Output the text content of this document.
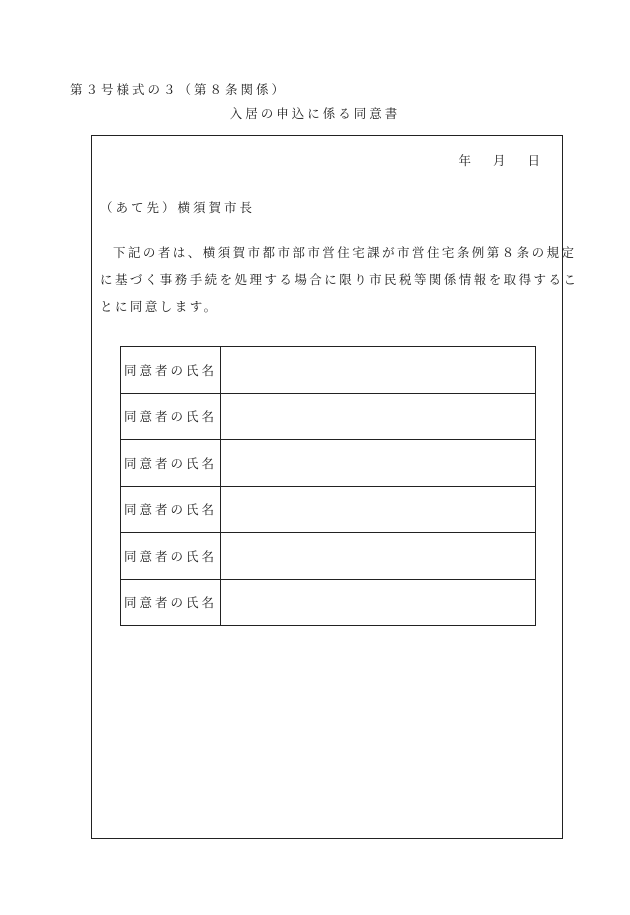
第３号様式の３（第８条関係）
入居の申込に係る同意書
年 月 日
（あて先）横須賀市長
下記の者は、横須賀市都市部市営住宅課が市営住宅条例第８条の規定
に基づく事務手続を処理する場合に限り市民税等関係情報を取得するこ
とに同意します。
同意者の氏名	
同意者の氏名	
同意者の氏名	
同意者の氏名	
同意者の氏名	
同意者の氏名	
